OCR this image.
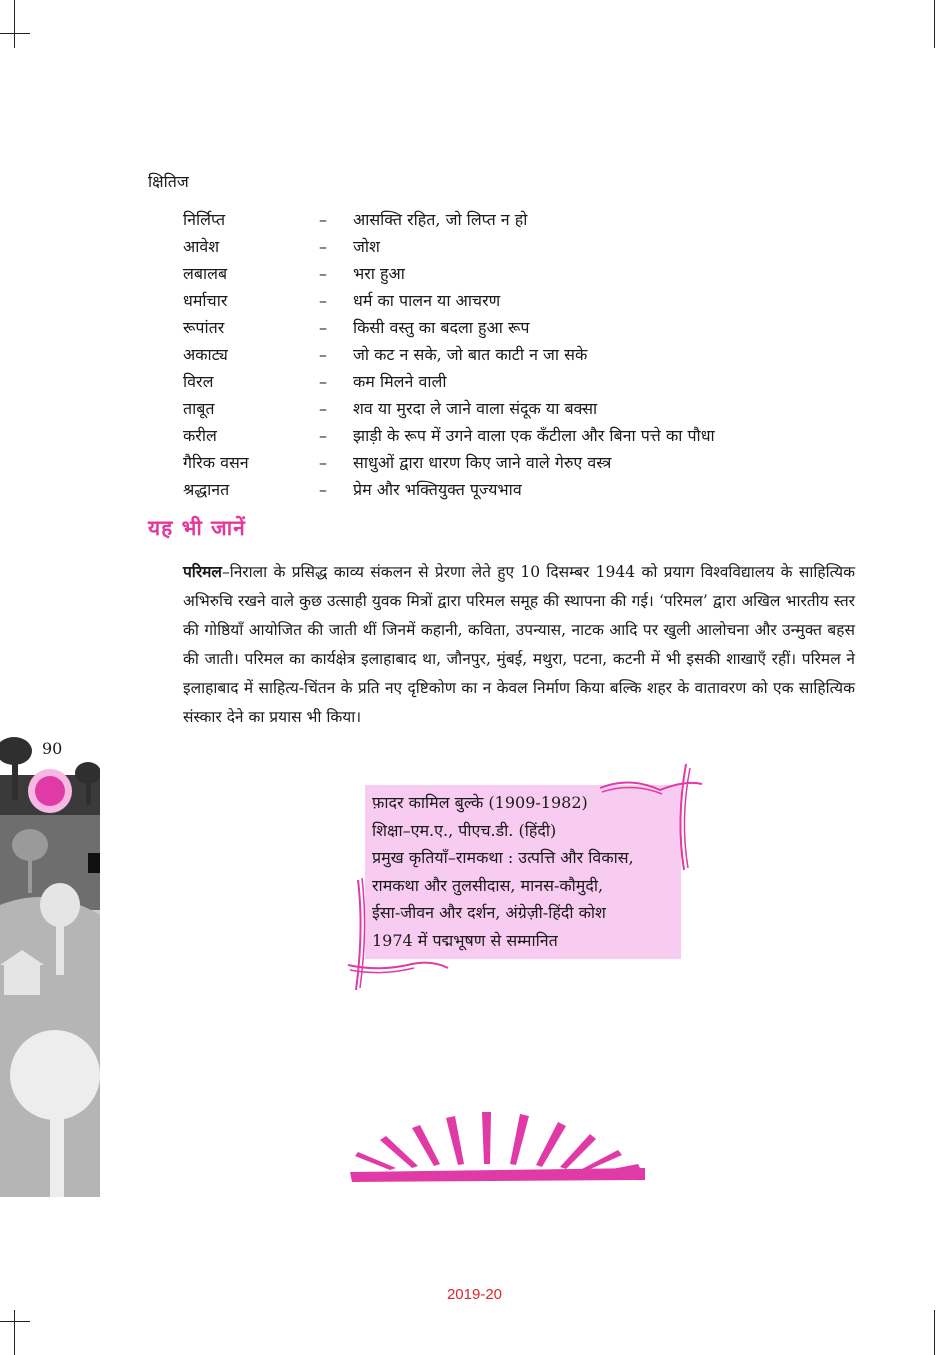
क्षितिज
निर्लिप्त	– आसक्ति रहित, जो लिप्त न हो
आवेश	– जोश
लबालब	– भरा हुआ
धर्माचार	– धर्म का पालन या आचरण
रूपांतर	– किसी वस्तु का बदला हुआ रूप
अकाट्य	– जो कट न सके, जो बात काटी न जा सके
विरल	– कम मिलने वाली
ताबूत	– शव या मुरदा ले जाने वाला संदूक या बक्सा
करील	– झाड़ी के रूप में उगने वाला एक कँटीला और बिना पत्ते का पौधा
गैरिक वसन	– साधुओं द्वारा धारण किए जाने वाले गेरुए वस्त्र
श्रद्धानत	– प्रेम और भक्तियुक्त पूज्यभाव
यह भी जानें
परिमल–निराला के प्रसिद्ध काव्य संकलन से प्रेरणा लेते हुए 10 दिसम्बर 1944 को प्रयाग विश्वविद्यालय के साहित्यिक अभिरुचि रखने वाले कुछ उत्साही युवक मित्रों द्वारा परिमल समूह की स्थापना की गई। ‘परिमल’ द्वारा अखिल भारतीय स्तर की गोष्ठियाँ आयोजित की जाती थीं जिनमें कहानी, कविता, उपन्यास, नाटक आदि पर खुली आलोचना और उन्मुक्त बहस की जाती। परिमल का कार्यक्षेत्र इलाहाबाद था, जौनपुर, मुंबई, मथुरा, पटना, कटनी में भी इसकी शाखाएँ रहीं। परिमल ने इलाहाबाद में साहित्य-चिंतन के प्रति नए दृष्टिकोण का न केवल निर्माण किया बल्कि शहर के वातावरण को एक साहित्यिक संस्कार देने का प्रयास भी किया।
90
फ़ादर कामिल बुल्के (1909-1982)
शिक्षा–एम.ए., पीएच.डी. (हिंदी)
प्रमुख कृतियाँ–रामकथा : उत्पत्ति और विकास,
रामकथा और तुलसीदास, मानस-कौमुदी,
ईसा-जीवन और दर्शन, अंग्रेज़ी-हिंदी कोश
1974 में पद्मभूषण से सम्मानित
2019-20
